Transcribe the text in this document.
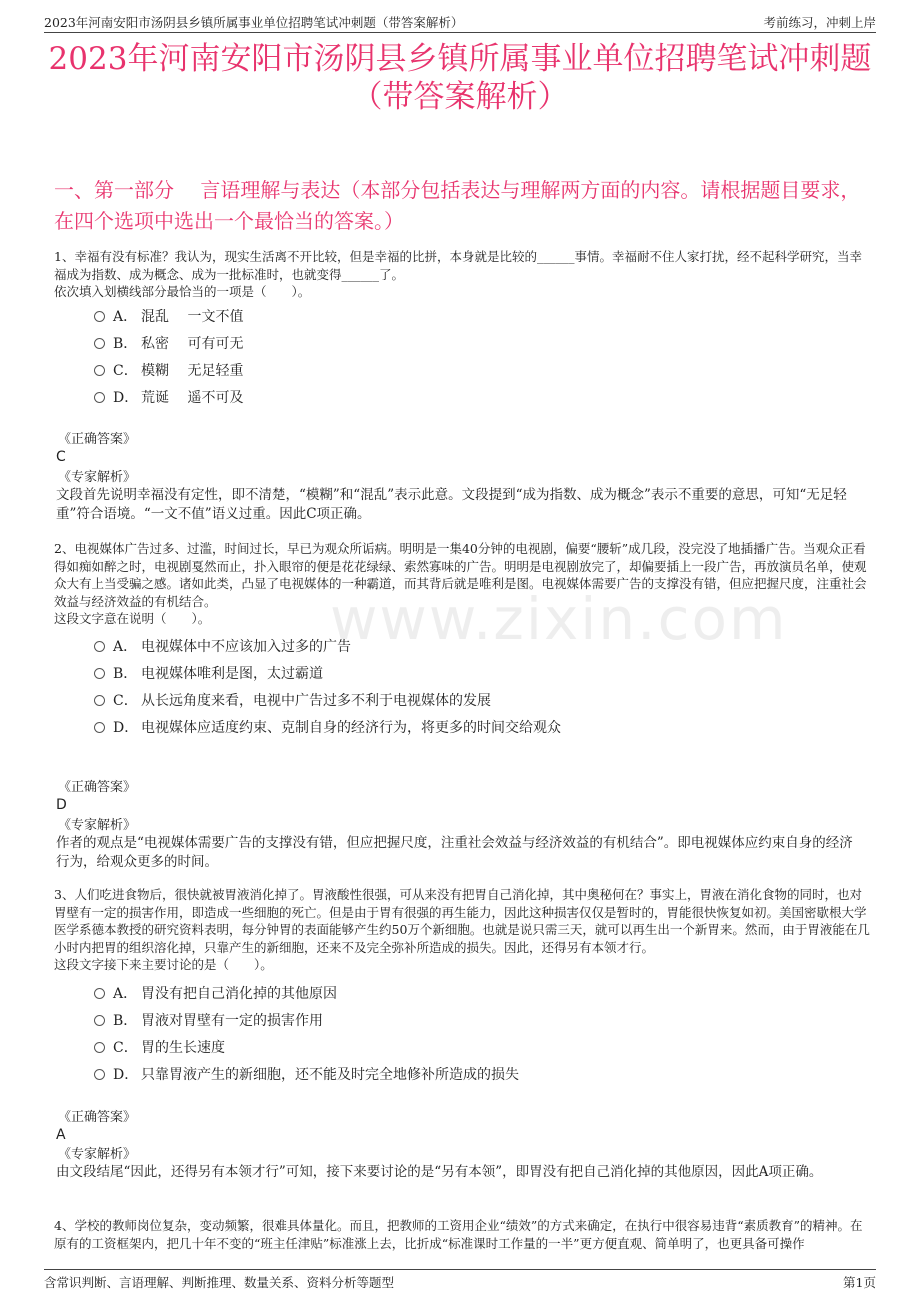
2023年河南安阳市汤阴县乡镇所属事业单位招聘笔试冲刺题（带答案解析）	考前练习，冲刺上岸
2023年河南安阳市汤阴县乡镇所属事业单位招聘笔试冲刺题
（带答案解析）
一、第一部分　 言语理解与表达（本部分包括表达与理解两方面的内容。请根据题目要求，在四个选项中选出一个最恰当的答案。）
www.zixin.com

1、幸福有没有标准？我认为，现实生活离不开比较，但是幸福的比拼，本身就是比较的______事情。幸福耐不住人家打扰，经不起科学研究，当幸福成为指数、成为概念、成为一批标准时，也就变得______了。

依次填入划横线部分最恰当的一项是（　　）。

A． 混乱　 一文不值
B． 私密　 可有可无
C． 模糊　 无足轻重
D． 荒诞　 遥不可及
《正确答案》
C
《专家解析》
文段首先说明幸福没有定性，即不清楚，“模糊”和“混乱”表示此意。文段提到“成为指数、成为概念”表示不重要的意思，可知“无足轻重”符合语境。“一文不值”语义过重。因此C项正确。

2、电视媒体广告过多、过滥，时间过长，早已为观众所诟病。明明是一集40分钟的电视剧，偏要“腰斩”成几段，没完没了地插播广告。当观众正看得如痴如醉之时，电视剧戛然而止，扑入眼帘的便是花花绿绿、索然寡味的广告。明明是电视剧放完了，却偏要插上一段广告，再放演员名单，使观众大有上当受骗之感。诸如此类，凸显了电视媒体的一种霸道，而其背后就是唯利是图。电视媒体需要广告的支撑没有错，但应把握尺度，注重社会效益与经济效益的有机结合。

这段文字意在说明（　　）。

A． 电视媒体中不应该加入过多的广告
B． 电视媒体唯利是图，太过霸道
C． 从长远角度来看，电视中广告过多不利于电视媒体的发展
D． 电视媒体应适度约束、克制自身的经济行为，将更多的时间交给观众
《正确答案》
D
《专家解析》
作者的观点是“电视媒体需要广告的支撑没有错，但应把握尺度，注重社会效益与经济效益的有机结合”。即电视媒体应约束自身的经济行为，给观众更多的时间。

3、人们吃进食物后，很快就被胃液消化掉了。胃液酸性很强，可从来没有把胃自己消化掉，其中奥秘何在？事实上，胃液在消化食物的同时，也对胃壁有一定的损害作用，即造成一些细胞的死亡。但是由于胃有很强的再生能力，因此这种损害仅仅是暂时的，胃能很快恢复如初。美国密歇根大学医学系德本教授的研究资料表明，每分钟胃的表面能够产生约50万个新细胞。也就是说只需三天，就可以再生出一个新胃来。然而，由于胃液能在几小时内把胃的组织溶化掉，只靠产生的新细胞，还来不及完全弥补所造成的损失。因此，还得另有本领才行。

这段文字接下来主要讨论的是（　　）。

A． 胃没有把自己消化掉的其他原因
B． 胃液对胃壁有一定的损害作用
C． 胃的生长速度
D． 只靠胃液产生的新细胞，还不能及时完全地修补所造成的损失
《正确答案》
A
《专家解析》
由文段结尾“因此，还得另有本领才行”可知，接下来要讨论的是“另有本领”，即胃没有把自己消化掉的其他原因，因此A项正确。

4、学校的教师岗位复杂，变动频繁，很难具体量化。而且，把教师的工资用企业“绩效”的方式来确定，在执行中很容易违背“素质教育”的精神。在原有的工资框架内，把几十年不变的“班主任津贴”标准涨上去，比折成“标准课时工作量的一半”更方便直观、简单明了，也更具备可操作

含常识判断、言语理解、判断推理、数量关系、资料分析等题型	第1页
